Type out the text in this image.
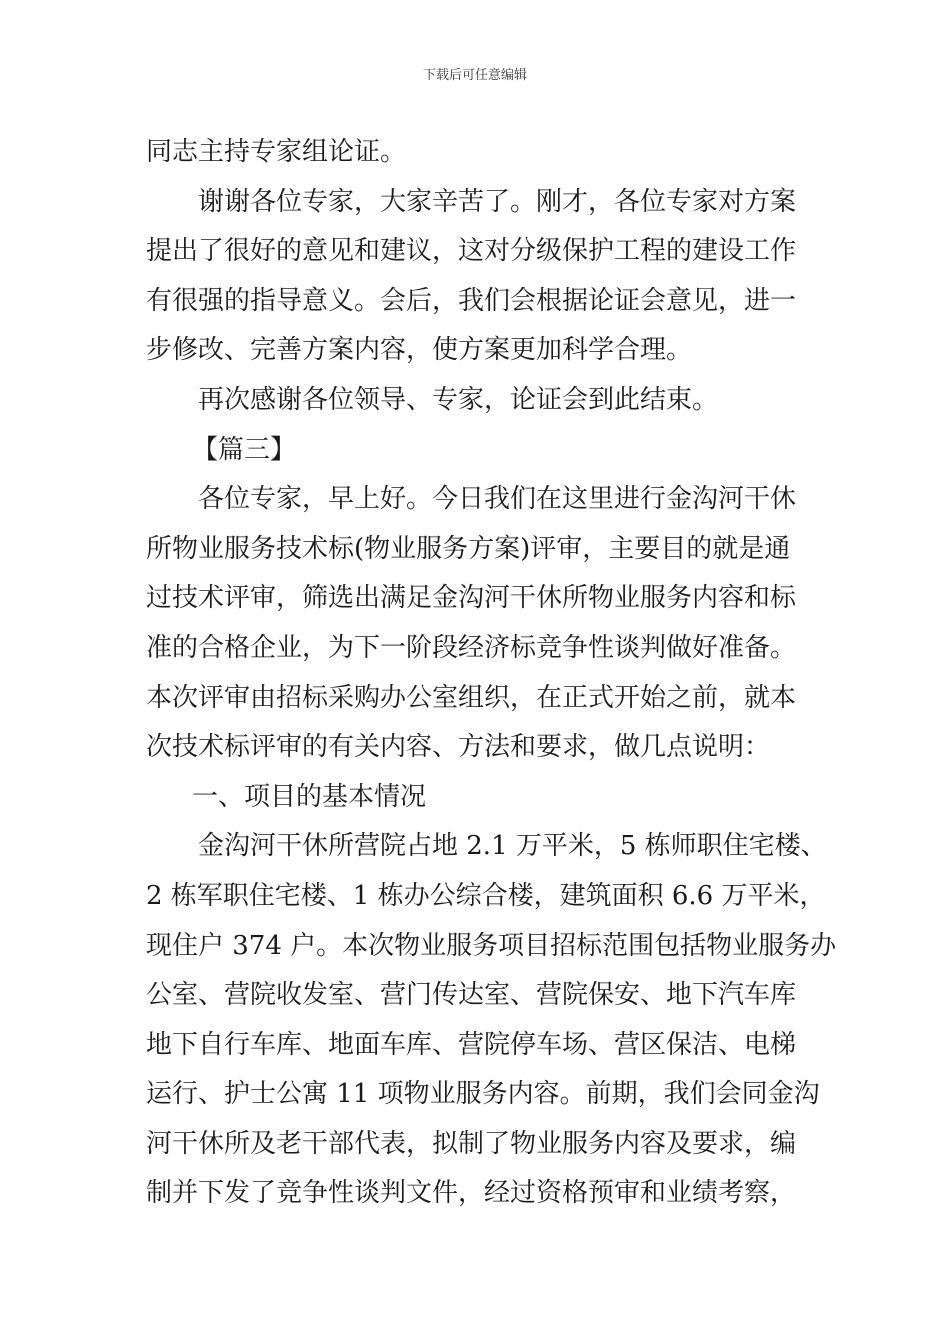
下载后可任意编辑
同志主持专家组论证。
谢谢各位专家，大家辛苦了。刚才，各位专家对方案
提出了很好的意见和建议，这对分级保护工程的建设工作
有很强的指导意义。会后，我们会根据论证会意见，进一
步修改、完善方案内容，使方案更加科学合理。
再次感谢各位领导、专家，论证会到此结束。
【篇三】
各位专家，早上好。今日我们在这里进行金沟河干休
所物业服务技术标(物业服务方案)评审，主要目的就是通
过技术评审，筛选出满足金沟河干休所物业服务内容和标
准的合格企业，为下一阶段经济标竞争性谈判做好准备。
本次评审由招标采购办公室组织，在正式开始之前，就本
次技术标评审的有关内容、方法和要求，做几点说明：
一、项目的基本情况
金沟河干休所营院占地 2.1 万平米，5 栋师职住宅楼、
2 栋军职住宅楼、1 栋办公综合楼，建筑面积 6.6 万平米，
现住户 374 户。本次物业服务项目招标范围包括物业服务办
公室、营院收发室、营门传达室、营院保安、地下汽车库
地下自行车库、地面车库、营院停车场、营区保洁、电梯
运行、护士公寓 11 项物业服务内容。前期，我们会同金沟
河干休所及老干部代表，拟制了物业服务内容及要求，编
制并下发了竞争性谈判文件，经过资格预审和业绩考察，
